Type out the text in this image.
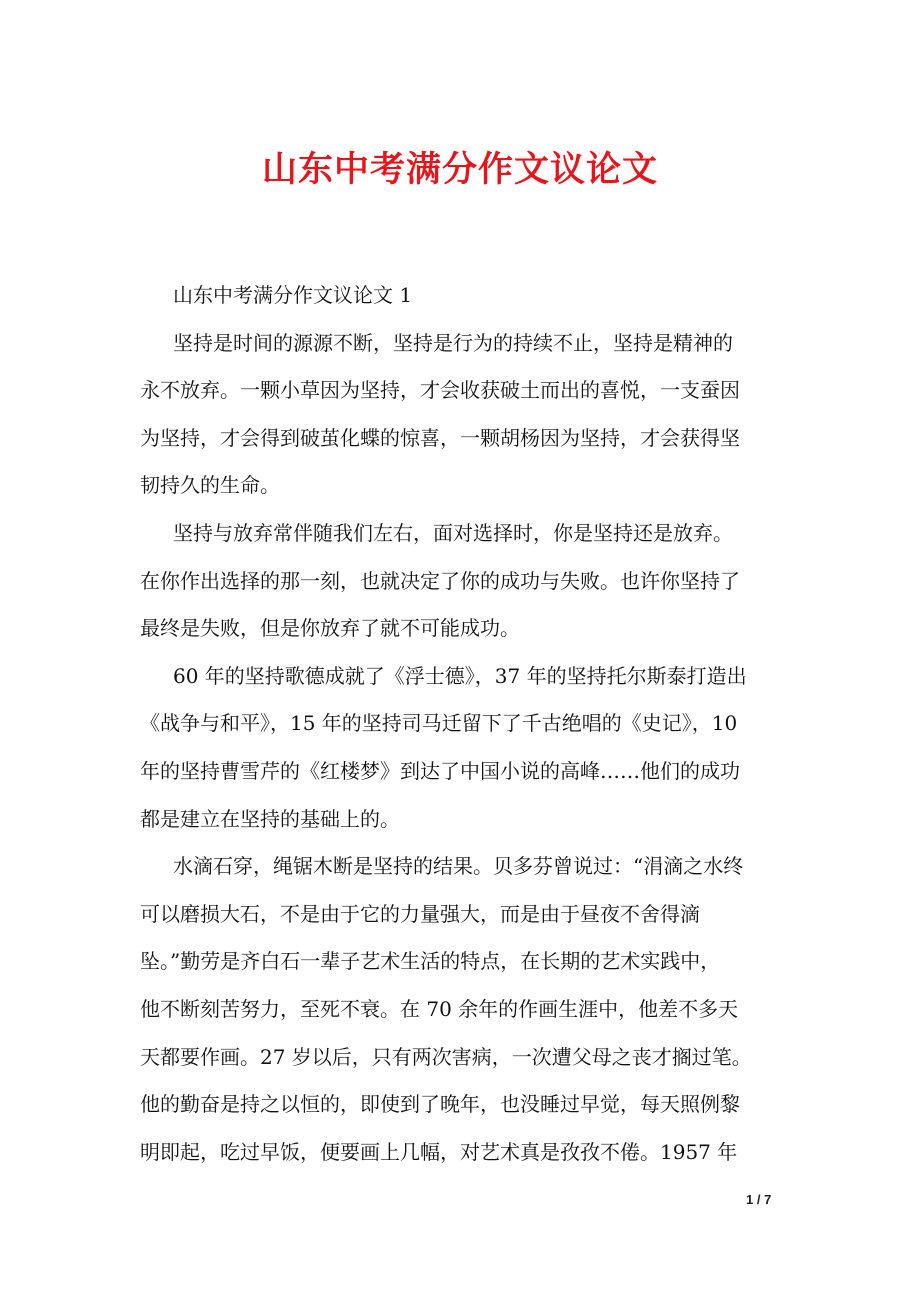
山东中考满分作文议论文
山东中考满分作文议论文 1
坚持是时间的源源不断，坚持是行为的持续不止，坚持是精神的
永不放弃。一颗小草因为坚持，才会收获破土而出的喜悦，一支蚕因
为坚持，才会得到破茧化蝶的惊喜，一颗胡杨因为坚持，才会获得坚
韧持久的生命。
坚持与放弃常伴随我们左右，面对选择时，你是坚持还是放弃。
在你作出选择的那一刻，也就决定了你的成功与失败。也许你坚持了
最终是失败，但是你放弃了就不可能成功。
60 年的坚持歌德成就了《浮士德》，37 年的坚持托尔斯泰打造出
《战争与和平》，15 年的坚持司马迁留下了千古绝唱的《史记》，10
年的坚持曹雪芹的《红楼梦》到达了中国小说的高峰……他们的成功
都是建立在坚持的基础上的。
水滴石穿，绳锯木断是坚持的结果。贝多芬曾说过：“涓滴之水终
可以磨损大石，不是由于它的力量强大，而是由于昼夜不舍得滴
坠。”勤劳是齐白石一辈子艺术生活的特点，在长期的艺术实践中，
他不断刻苦努力，至死不衰。在 70 余年的作画生涯中，他差不多天
天都要作画。27 岁以后，只有两次害病，一次遭父母之丧才搁过笔。
他的勤奋是持之以恒的，即使到了晚年，也没睡过早觉，每天照例黎
明即起，吃过早饭，便要画上几幅，对艺术真是孜孜不倦。1957 年
1 / 7
